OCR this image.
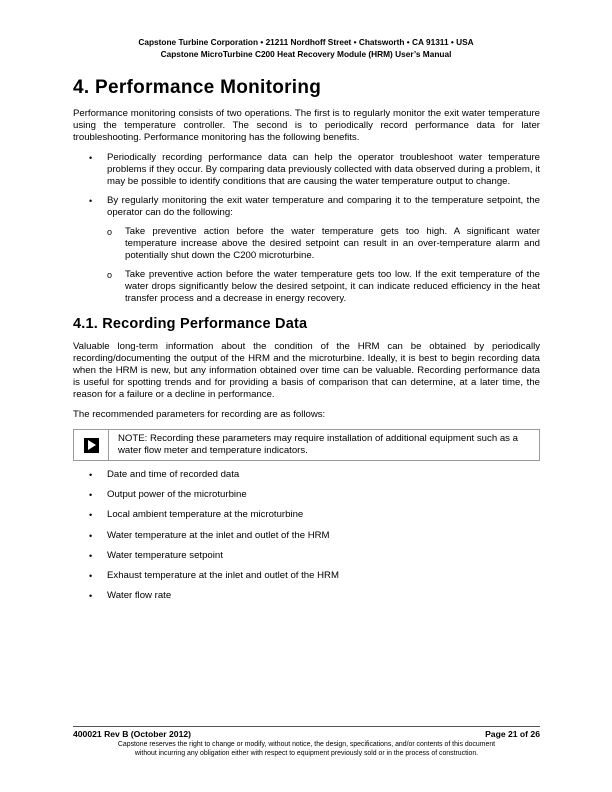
Capstone Turbine Corporation • 21211 Nordhoff Street • Chatsworth • CA 91311 • USA
Capstone MicroTurbine C200 Heat Recovery Module (HRM) User’s Manual
4. Performance Monitoring

Performance monitoring consists of two operations. The first is to regularly monitor the exit water temperature using the temperature controller. The second is to periodically record performance data for later troubleshooting. Performance monitoring has the following benefits.

• Periodically recording performance data can help the operator troubleshoot water temperature problems if they occur. By comparing data previously collected with data observed during a problem, it may be possible to identify conditions that are causing the water temperature output to change.
• By regularly monitoring the exit water temperature and comparing it to the temperature setpoint, the operator can do the following:
o Take preventive action before the water temperature gets too high. A significant water temperature increase above the desired setpoint can result in an over-temperature alarm and potentially shut down the C200 microturbine.
o Take preventive action before the water temperature gets too low. If the exit temperature of the water drops significantly below the desired setpoint, it can indicate reduced efficiency in the heat transfer process and a decrease in energy recovery.
4.1. Recording Performance Data

Valuable long-term information about the condition of the HRM can be obtained by periodically recording/documenting the output of the HRM and the microturbine. Ideally, it is best to begin recording data when the HRM is new, but any information obtained over time can be valuable. Recording performance data is useful for spotting trends and for providing a basis of comparison that can determine, at a later time, the reason for a failure or a decline in performance.

The recommended parameters for recording are as follows:

NOTE: Recording these parameters may require installation of additional equipment such as a water flow meter and temperature indicators.
• Date and time of recorded data
• Output power of the microturbine
• Local ambient temperature at the microturbine
• Water temperature at the inlet and outlet of the HRM
• Water temperature setpoint
• Exhaust temperature at the inlet and outlet of the HRM
• Water flow rate
400021 Rev B (October 2012)	Page 21 of 26
Capstone reserves the right to change or modify, without notice, the design, specifications, and/or contents of this document
without incurring any obligation either with respect to equipment previously sold or in the process of construction.
